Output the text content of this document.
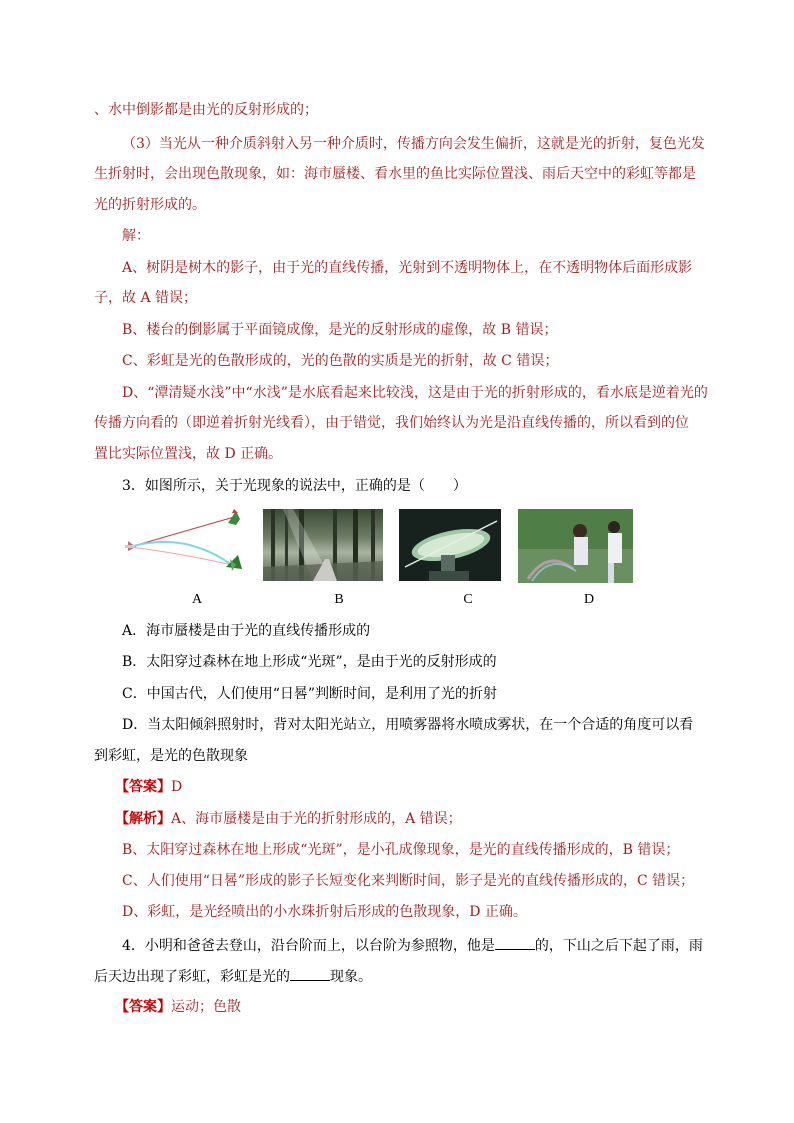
、水中倒影都是由光的反射形成的；
（3）当光从一种介质斜射入另一种介质时，传播方向会发生偏折，这就是光的折射，复色光发
生折射时，会出现色散现象，如：海市蜃楼、看水里的鱼比实际位置浅、雨后天空中的彩虹等都是
光的折射形成的。
解：
A、树阴是树木的影子，由于光的直线传播，光射到不透明物体上，在不透明物体后面形成影
子，故 A 错误；
B、楼台的倒影属于平面镜成像，是光的反射形成的虚像，故 B 错误；
C、彩虹是光的色散形成的，光的色散的实质是光的折射，故 C 错误；
D、“潭清疑水浅”中“水浅”是水底看起来比较浅，这是由于光的折射形成的，看水底是逆着光的
传播方向看的（即逆着折射光线看），由于错觉，我们始终认为光是沿直线传播的，所以看到的位
置比实际位置浅，故 D 正确。
3．如图所示，关于光现象的说法中，正确的是（　　）
A	B	C	D
A．海市蜃楼是由于光的直线传播形成的
B．太阳穿过森林在地上形成“光斑”，是由于光的反射形成的
C．中国古代，人们使用“日晷”判断时间，是利用了光的折射
D．当太阳倾斜照射时，背对太阳光站立，用喷雾器将水喷成雾状，在一个合适的角度可以看
到彩虹，是光的色散现象
【答案】D
【解析】A、海市蜃楼是由于光的折射形成的，A 错误；
B、太阳穿过森林在地上形成“光斑”，是小孔成像现象，是光的直线传播形成的，B 错误；
C、人们使用“日晷”形成的影子长短变化来判断时间，影子是光的直线传播形成的，C 错误；
D、彩虹，是光经喷出的小水珠折射后形成的色散现象，D 正确。
4．小明和爸爸去登山，沿台阶而上，以台阶为参照物，他是	的，下山之后下起了雨，雨
后天边出现了彩虹，彩虹是光的	现象。
【答案】运动；色散
